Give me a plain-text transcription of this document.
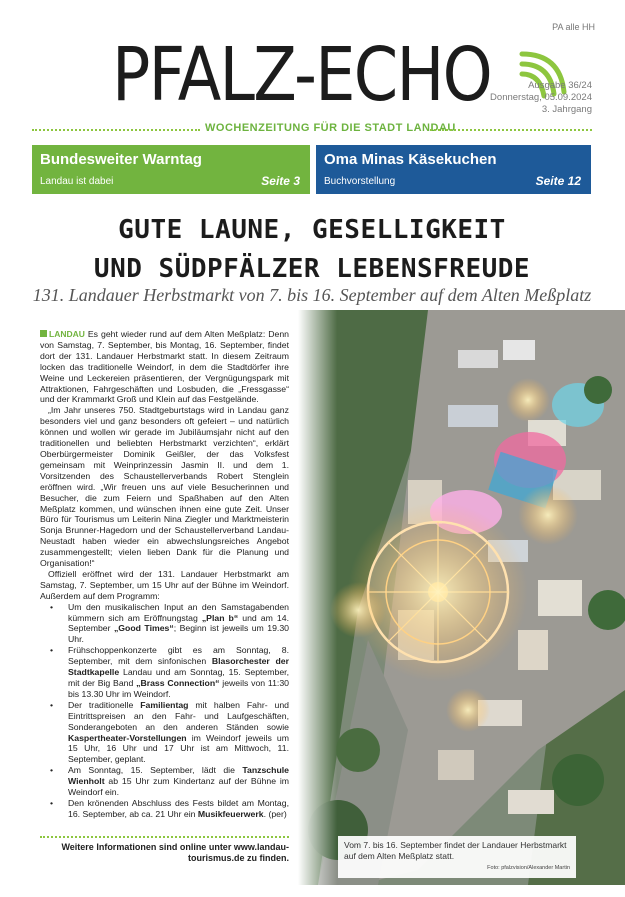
PA alle HH
PFALZ-ECHO	Ausgabe 36/24
Donnerstag, 05.09.2024
3. Jahrgang
WOCHENZEITUNG FÜR DIE STADT LANDAU
Bundesweiter Warntag
Landau ist dabei	Seite 3
Oma Minas Käsekuchen
Buchvorstellung	Seite 12
GUTE LAUNE, GESELLIGKEIT
UND SÜDPFÄLZER LEBENSFREUDE
131. Landauer Herbstmarkt von 7. bis 16. September auf dem Alten Meßplatz
Vom 7. bis 16. September findet der Landauer Herbstmarkt auf dem Alten Meßplatz statt.
Foto: pfalzvision/Alexander Martin

LANDAU Es geht wieder rund auf dem Alten Meßplatz: Denn von Samstag, 7. September, bis Montag, 16. September, findet dort der 131. Landauer Herbstmarkt statt. In diesem Zeitraum locken das traditionelle Weindorf, in dem die Stadtdörfer ihre Weine und Leckereien präsentieren, der Vergnügungspark mit Attraktionen, Fahrgeschäften und Losbuden, die „Fressgasse“ und der Krammarkt Groß und Klein auf das Festgelände.

„Im Jahr unseres 750. Stadtgeburtstags wird in Landau ganz besonders viel und ganz besonders oft gefeiert – und natürlich können und wollen wir gerade im Jubiläumsjahr nicht auf den traditionellen und beliebten Herbstmarkt verzichten“, erklärt Oberbürgermeister Dominik Geißler, der das Volksfest gemeinsam mit Weinprinzessin Jasmin II. und dem 1. Vorsitzenden des Schaustellerverbands Robert Stenglein eröffnen wird. „Wir freuen uns auf viele Besucherinnen und Besucher, die zum Feiern und Spaßhaben auf den Alten Meßplatz kommen, und wünschen ihnen eine gute Zeit. Unser Büro für Tourismus um Leiterin Nina Ziegler und Marktmeisterin Sonja Brunner-Hagedorn und der Schaustellerverband Landau-Neustadt haben wieder ein abwechslungsreiches Angebot zusammengestellt; vielen lieben Dank für die Planung und Organisation!“

Offiziell eröffnet wird der 131. Landauer Herbstmarkt am Samstag, 7. September, um 15 Uhr auf der Bühne im Weindorf. Außerdem auf dem Programm:

• Um den musikalischen Input an den Samstagabenden kümmern sich am Eröffnungstag „Plan b“ und am 14. September „Good Times“; Beginn ist jeweils um 19.30 Uhr.
• Frühschoppenkonzerte gibt es am Sonntag, 8. September, mit dem sinfonischen Blasorchester der Stadtkapelle Landau und am Sonntag, 15. September, mit der Big Band „Brass Connection“ jeweils von 11:30 bis 13.30 Uhr im Weindorf.
• Der traditionelle Familientag mit halben Fahr- und Eintrittspreisen an den Fahr- und Laufgeschäften, Sonderangeboten an den anderen Ständen sowie Kaspertheater-Vorstellungen im Weindorf jeweils um 15 Uhr, 16 Uhr und 17 Uhr ist am Mittwoch, 11. September, geplant.
• Am Sonntag, 15. September, lädt die Tanzschule Wienholt ab 15 Uhr zum Kindertanz auf der Bühne im Weindorf ein.
• Den krönenden Abschluss des Fests bildet am Montag, 16. September, ab ca. 21 Uhr ein Musikfeuerwerk. (per)
Weitere Informationen sind online unter www.landau-tourismus.de zu finden.
